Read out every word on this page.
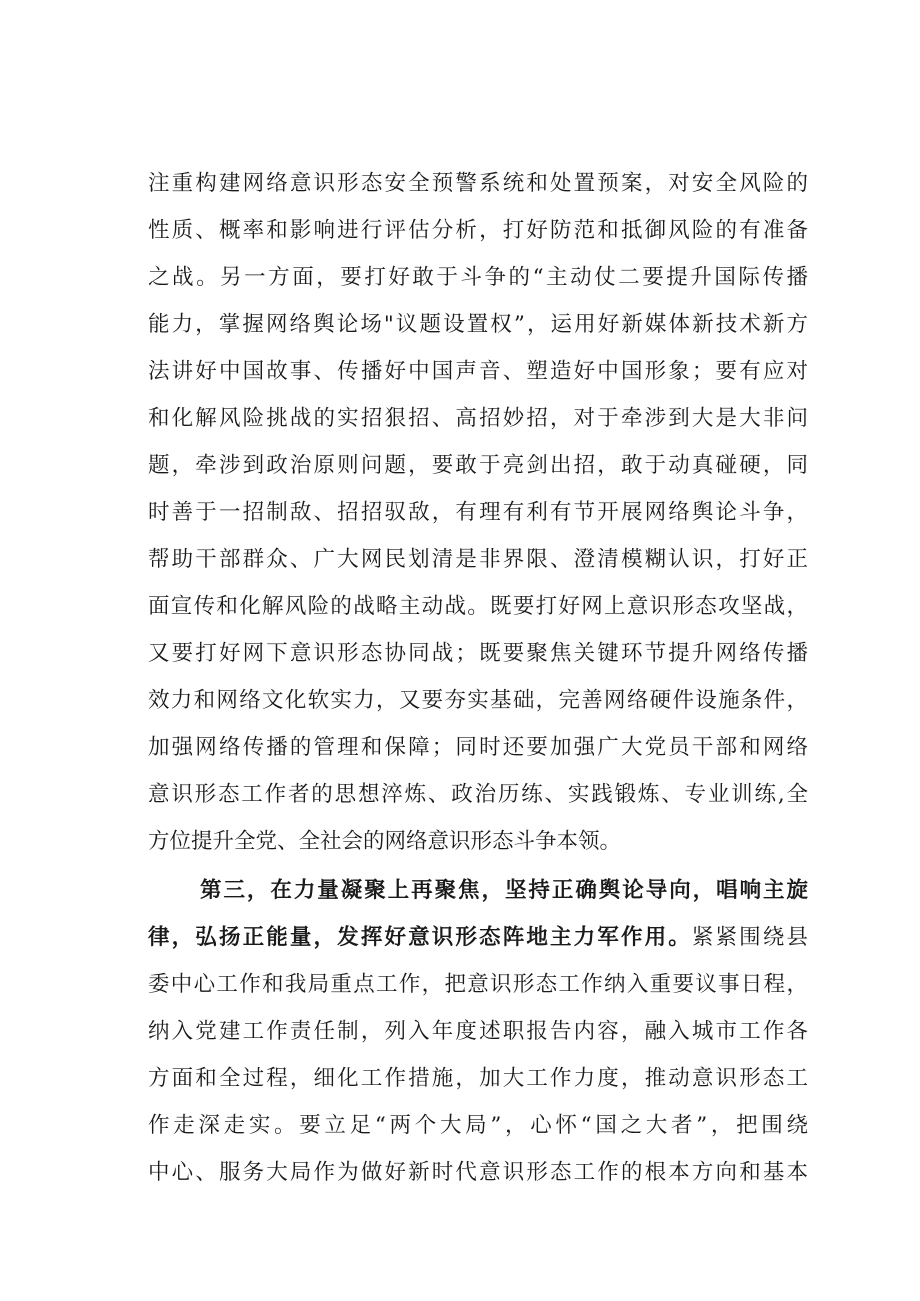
注重构建网络意识形态安全预警系统和处置预案，对安全风险的
性质、概率和影响进行评估分析，打好防范和抵御风险的有准备
之战。另一方面，要打好敢于斗争的“主动仗二要提升国际传播
能力，掌握网络舆论场"议题设置权”，运用好新媒体新技术新方
法讲好中国故事、传播好中国声音、塑造好中国形象；要有应对
和化解风险挑战的实招狠招、高招妙招，对于牵涉到大是大非问
题，牵涉到政治原则问题，要敢于亮剑出招，敢于动真碰硬，同
时善于一招制敌、招招驭敌，有理有利有节开展网络舆论斗争，
帮助干部群众、广大网民划清是非界限、澄清模糊认识，打好正
面宣传和化解风险的战略主动战。既要打好网上意识形态攻坚战，
又要打好网下意识形态协同战；既要聚焦关键环节提升网络传播
效力和网络文化软实力，又要夯实基础，完善网络硬件设施条件，
加强网络传播的管理和保障；同时还要加强广大党员干部和网络
意识形态工作者的思想淬炼、政治历练、实践锻炼、专业训练,全
方位提升全党、全社会的网络意识形态斗争本领。
第三，在力量凝聚上再聚焦，坚持正确舆论导向，唱响主旋
律，弘扬正能量，发挥好意识形态阵地主力军作用。紧紧围绕县
委中心工作和我局重点工作，把意识形态工作纳入重要议事日程，
纳入党建工作责任制，列入年度述职报告内容，融入城市工作各
方面和全过程，细化工作措施，加大工作力度，推动意识形态工
作走深走实。要立足“两个大局”，心怀“国之大者”，把围绕
中心、服务大局作为做好新时代意识形态工作的根本方向和基本
